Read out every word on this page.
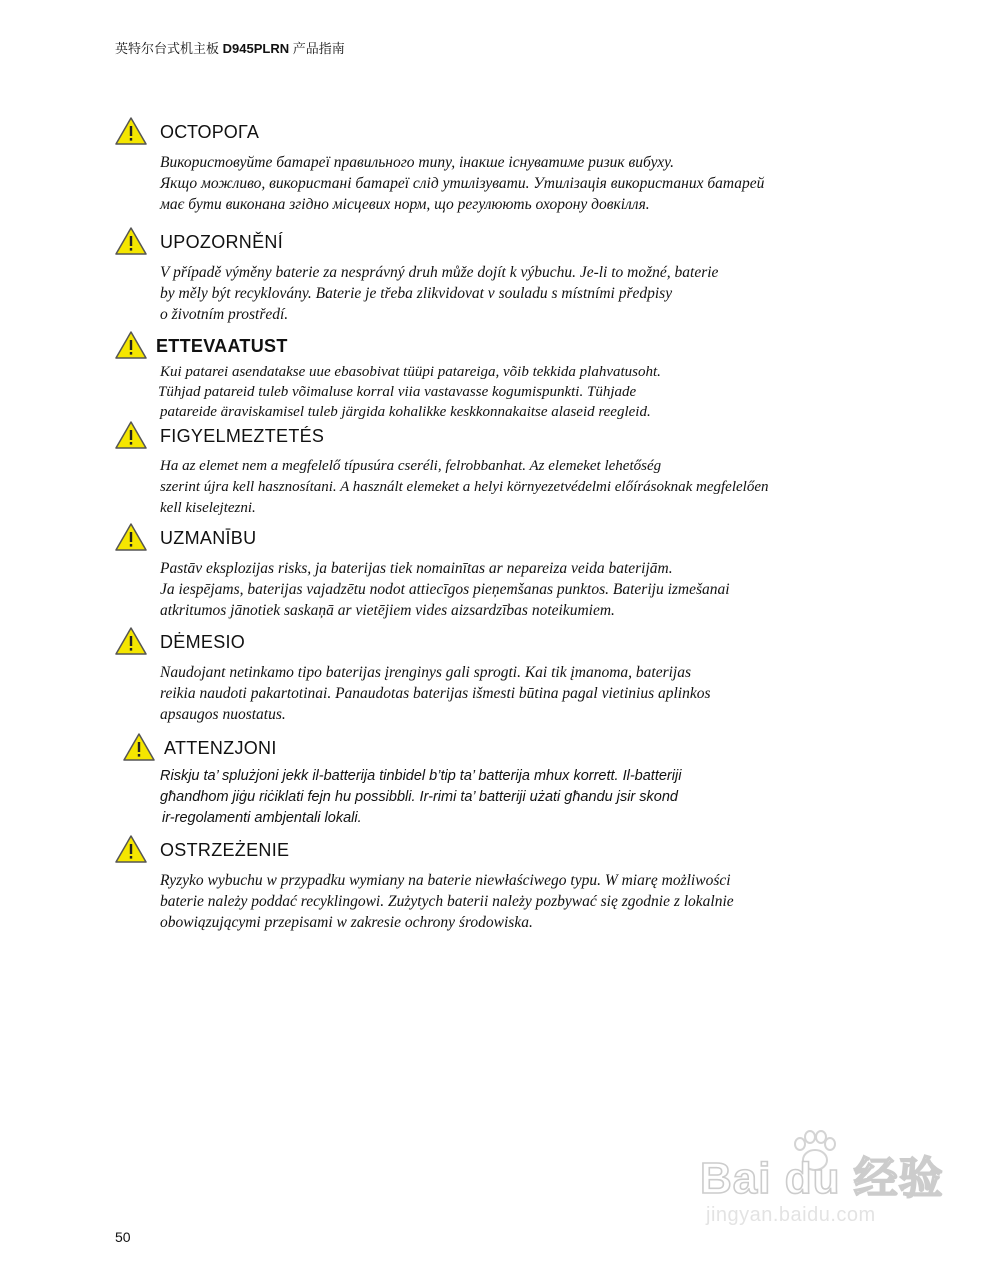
英特尔台式机主板 D945PLRN 产品指南
ОСТОРОГА
Використовуйте батареї правильного типу, інакше існуватиме ризик вибуху.
Якщо можливо, використані батареї слід утилізувати. Утилізація використаних батарей
має бути виконана згідно місцевих норм, що регулюють охорону довкілля.
UPOZORNĚNÍ
V případě výměny baterie za nesprávný druh může dojít k výbuchu. Je-li to možné, baterie
by měly být recyklovány. Baterie je třeba zlikvidovat v souladu s místními předpisy
o životním prostředí.
ETTEVAATUST
Kui patarei asendatakse uue ebasobivat tüüpi patareiga, võib tekkida plahvatusoht.
Tühjad patareid tuleb võimaluse korral viia vastavasse kogumispunkti. Tühjade
patareide äraviskamisel tuleb järgida kohalikke keskkonnakaitse alaseid reegleid.
FIGYELMEZTETÉS
Ha az elemet nem a megfelelő típusúra cseréli, felrobbanhat. Az elemeket lehetőség
szerint újra kell hasznosítani. A használt elemeket a helyi környezetvédelmi előírásoknak megfelelően
kell kiselejtezni.
UZMANĪBU
Pastāv eksplozijas risks, ja baterijas tiek nomainītas ar nepareiza veida baterijām.
Ja iespējams, baterijas vajadzētu nodot attiecīgos pieņemšanas punktos. Bateriju izmešanai
atkritumos jānotiek saskaņā ar vietējiem vides aizsardzības noteikumiem.
DĖMESIO
Naudojant netinkamo tipo baterijas įrenginys gali sprogti. Kai tik įmanoma, baterijas
reikia naudoti pakartotinai. Panaudotas baterijas išmesti būtina pagal vietinius aplinkos
apsaugos nuostatus.
ATTENZJONI
Riskju ta’ splużjoni jekk il-batterija tinbidel b’tip ta’ batterija mhux korrett. Il-batteriji
għandhom jiġu riċiklati fejn hu possibbli. Ir-rimi ta’ batteriji użati għandu jsir skond
ir-regolamenti ambjentali lokali.
OSTRZEŻENIE
Ryzyko wybuchu w przypadku wymiany na baterie niewłaściwego typu. W miarę możliwości
baterie należy poddać recyklingowi. Zużytych baterii należy pozbywać się zgodnie z lokalnie
obowiązującymi przepisami w zakresie ochrony środowiska.
Bai du 经验
jingyan.baidu.com
50
